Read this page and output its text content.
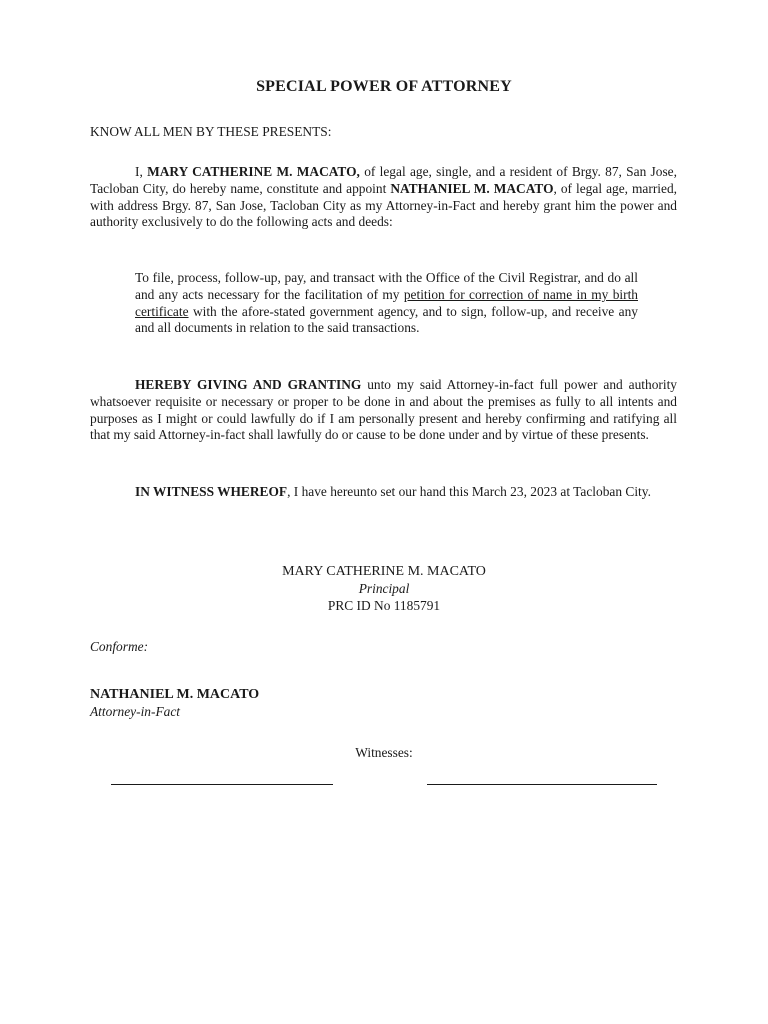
SPECIAL POWER OF ATTORNEY
KNOW ALL MEN BY THESE PRESENTS:
I, MARY CATHERINE M. MACATO, of legal age, single, and a resident of Brgy. 87, San Jose, Tacloban City, do hereby name, constitute and appoint NATHANIEL M. MACATO, of legal age, married, with address Brgy. 87, San Jose, Tacloban City as my Attorney-in-Fact and hereby grant him the power and authority exclusively to do the following acts and deeds:
To file, process, follow-up, pay, and transact with the Office of the Civil Registrar, and do all and any acts necessary for the facilitation of my petition for correction of name in my birth certificate with the afore-stated government agency, and to sign, follow-up, and receive any and all documents in relation to the said transactions.
HEREBY GIVING AND GRANTING unto my said Attorney-in-fact full power and authority whatsoever requisite or necessary or proper to be done in and about the premises as fully to all intents and purposes as I might or could lawfully do if I am personally present and hereby confirming and ratifying all that my said Attorney-in-fact shall lawfully do or cause to be done under and by virtue of these presents.
IN WITNESS WHEREOF, I have hereunto set our hand this March 23, 2023 at Tacloban City.
MARY CATHERINE M. MACATO
Principal
PRC ID No 1185791
Conforme:
NATHANIEL M. MACATO
Attorney-in-Fact
Witnesses:
